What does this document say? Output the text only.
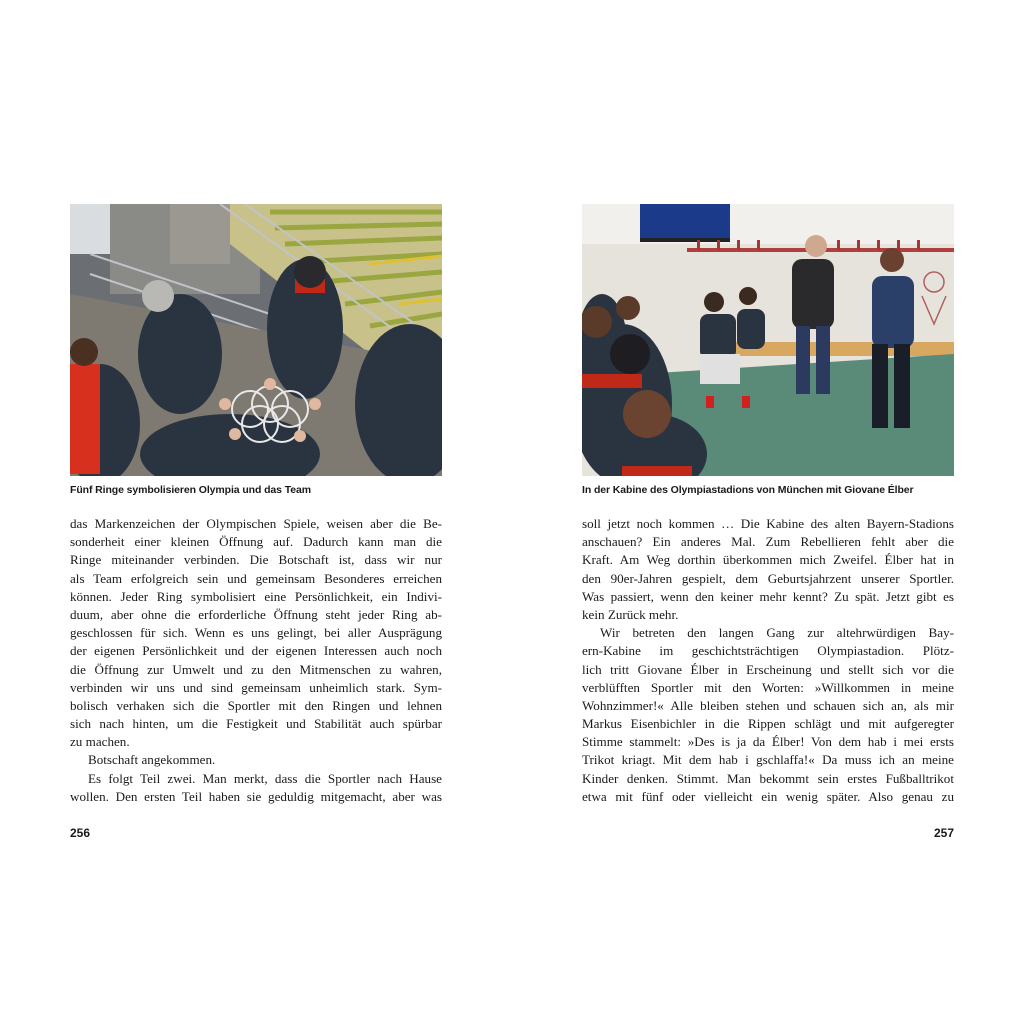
Fünf Ringe symbolisieren Olympia und das Team
das Markenzeichen der Olympischen Spiele, weisen aber die Be-
sonderheit einer kleinen Öffnung auf. Dadurch kann man die
Ringe miteinander verbinden. Die Botschaft ist, dass wir nur
als Team erfolgreich sein und gemeinsam Besonderes erreichen
können. Jeder Ring symbolisiert eine Persönlichkeit, ein Indivi-
duum, aber ohne die erforderliche Öffnung steht jeder Ring ab-
geschlossen für sich. Wenn es uns gelingt, bei aller Ausprägung
der eigenen Persönlichkeit und der eigenen Interessen auch noch
die Öffnung zur Umwelt und zu den Mitmenschen zu wahren,
verbinden wir uns und sind gemeinsam unheimlich stark. Sym-
bolisch verhaken sich die Sportler mit den Ringen und lehnen
sich nach hinten, um die Festigkeit und Stabilität auch spürbar
zu machen.
Botschaft angekommen.
Es folgt Teil zwei. Man merkt, dass die Sportler nach Hause
wollen. Den ersten Teil haben sie geduldig mitgemacht, aber was
256
In der Kabine des Olympiastadions von München mit Giovane Élber
soll jetzt noch kommen … Die Kabine des alten Bayern-Stadions
anschauen? Ein anderes Mal. Zum Rebellieren fehlt aber die
Kraft. Am Weg dorthin überkommen mich Zweifel. Élber hat in
den 90er-Jahren gespielt, dem Geburtsjahrzent unserer Sportler.
Was passiert, wenn den keiner mehr kennt? Zu spät. Jetzt gibt es
kein Zurück mehr.
Wir betreten den langen Gang zur altehrwürdigen Bay-
ern-Kabine im geschichtsträchtigen Olympiastadion. Plötz-
lich tritt Giovane Élber in Erscheinung und stellt sich vor die
verblüfften Sportler mit den Worten: »Willkommen in meine
Wohnzimmer!« Alle bleiben stehen und schauen sich an, als mir
Markus Eisenbichler in die Rippen schlägt und mit aufgeregter
Stimme stammelt: »Des is ja da Élber! Von dem hab i mei ersts
Trikot kriagt. Mit dem hab i gschlaffa!« Da muss ich an meine
Kinder denken. Stimmt. Man bekommt sein erstes Fußballtrikot
etwa mit fünf oder vielleicht ein wenig später. Also genau zu
257
